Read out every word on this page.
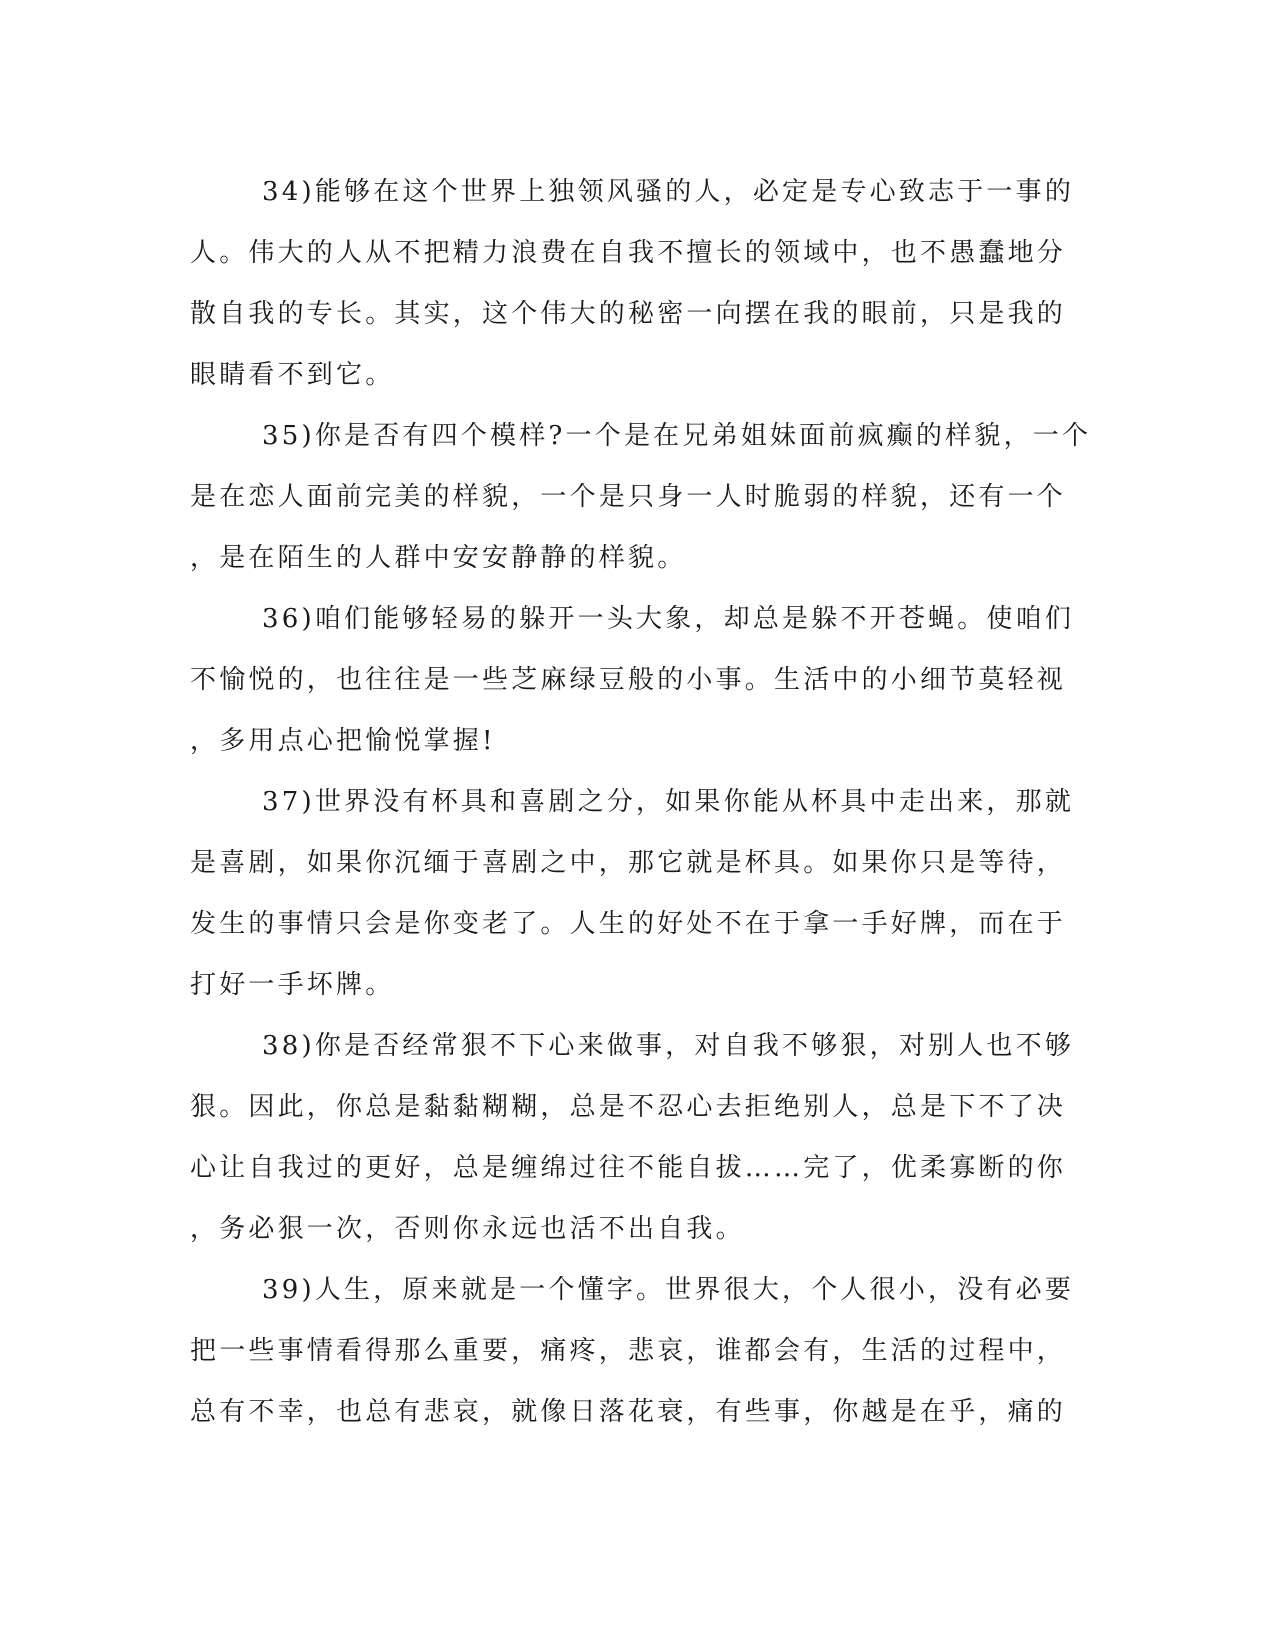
34)能够在这个世界上独领风骚的人，必定是专心致志于一事的
人。伟大的人从不把精力浪费在自我不擅长的领域中，也不愚蠢地分
散自我的专长。其实，这个伟大的秘密一向摆在我的眼前，只是我的
眼睛看不到它。
35)你是否有四个模样?一个是在兄弟姐妹面前疯癫的样貌，一个
是在恋人面前完美的样貌，一个是只身一人时脆弱的样貌，还有一个
，是在陌生的人群中安安静静的样貌。
36)咱们能够轻易的躲开一头大象，却总是躲不开苍蝇。使咱们
不愉悦的，也往往是一些芝麻绿豆般的小事。生活中的小细节莫轻视
，多用点心把愉悦掌握!
37)世界没有杯具和喜剧之分，如果你能从杯具中走出来，那就
是喜剧，如果你沉缅于喜剧之中，那它就是杯具。如果你只是等待，
发生的事情只会是你变老了。人生的好处不在于拿一手好牌，而在于
打好一手坏牌。
38)你是否经常狠不下心来做事，对自我不够狠，对别人也不够
狠。因此，你总是黏黏糊糊，总是不忍心去拒绝别人，总是下不了决
心让自我过的更好，总是缠绵过往不能自拔……完了，优柔寡断的你
，务必狠一次，否则你永远也活不出自我。
39)人生，原来就是一个懂字。世界很大，个人很小，没有必要
把一些事情看得那么重要，痛疼，悲哀，谁都会有，生活的过程中，
总有不幸，也总有悲哀，就像日落花衰，有些事，你越是在乎，痛的
